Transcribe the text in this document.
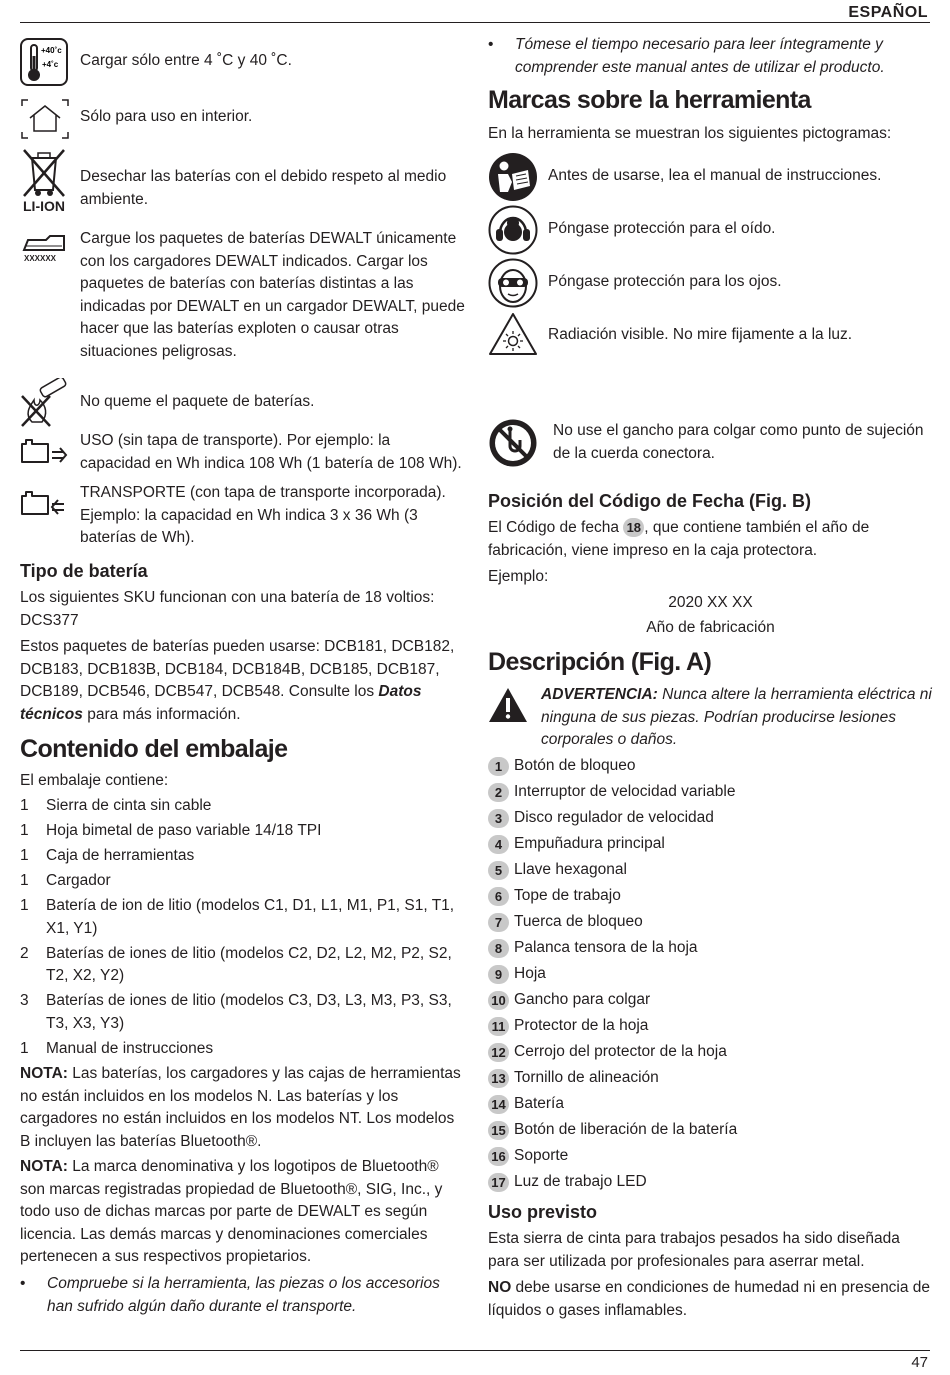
ESPAÑOL
47
+40˚c
+4˚c Cargar sólo entre 4 ˚C y 40 ˚C.
Sólo para uso en interior.
LI-ION
Desechar las baterías con el debido respeto al medio ambiente.
XXXXXX
Cargue los paquetes de baterías DEWALT únicamente con los cargadores DEWALT indicados. Cargar los paquetes de baterías con baterías distintas a las indicadas por DEWALT en un cargador DEWALT, puede hacer que las baterías exploten o causar otras situaciones peligrosas.
No queme el paquete de baterías.
USO (sin tapa de transporte). Por ejemplo: la capacidad en Wh indica 108 Wh (1 batería de 108 Wh).
TRANSPORTE (con tapa de transporte incorporada). Ejemplo: la capacidad en Wh indica 3 x 36 Wh (3 baterías de Wh).
Tipo de batería

Los siguientes SKU funcionan con una batería de 18 voltios: DCS377

Estos paquetes de baterías pueden usarse: DCB181, DCB182, DCB183, DCB183B, DCB184, DCB184B, DCB185, DCB187, DCB189, DCB546, DCB547, DCB548. Consulte los Datos técnicos para más información.

Contenido del embalaje

El embalaje contiene:

1	Sierra de cinta sin cable
1	Hoja bimetal de paso variable 14/18 TPI
1	Caja de herramientas
1	Cargador
1	Batería de ion de litio (modelos C1, D1, L1, M1, P1, S1, T1, X1, Y1)
2	Baterías de iones de litio (modelos C2, D2, L2, M2, P2, S2, T2, X2, Y2)
3	Baterías de iones de litio (modelos C3, D3, L3, M3, P3, S3, T3, X3, Y3)
1	Manual de instrucciones

NOTA: Las baterías, los cargadores y las cajas de herramientas no están incluidos en los modelos N. Las baterías y los cargadores no están incluidos en los modelos NT. Los modelos B incluyen las baterías Bluetooth®.

NOTA: La marca denominativa y los logotipos de Bluetooth® son marcas registradas propiedad de Bluetooth®, SIG, Inc., y todo uso de dichas marcas por parte de DEWALT es según licencia. Las demás marcas y denominaciones comerciales pertenecen a sus respectivos propietarios.

•	Compruebe si la herramienta, las piezas o los accesorios han sufrido algún daño durante el transporte.
•	Tómese el tiempo necesario para leer íntegramente y comprender este manual antes de utilizar el producto.
Marcas sobre la herramienta

En la herramienta se muestran los siguientes pictogramas:

Antes de usarse, lea el manual de instrucciones.
Póngase protección para el oído.
Póngase protección para los ojos.
Radiación visible. No mire fijamente a la luz.
No use el gancho para colgar como punto de sujeción de la cuerda conectora.
Posición del Código de Fecha (Fig. B)

El Código de fecha 18 , que contiene también el año de fabricación, viene impreso en la caja protectora.

Ejemplo:

2020 XX XX

Año de fabricación

Descripción (Fig. A)

ADVERTENCIA: Nunca altere la herramienta eléctrica ni ninguna de sus piezas. Podrían producirse lesiones corporales o daños.

1 Botón de bloqueo
2 Interruptor de velocidad variable
3 Disco regulador de velocidad
4 Empuñadura principal
5 Llave hexagonal
6 Tope de trabajo
7 Tuerca de bloqueo
8 Palanca tensora de la hoja
9 Hoja
10 Gancho para colgar
11 Protector de la hoja
12 Cerrojo del protector de la hoja
13 Tornillo de alineación
14 Batería
15 Botón de liberación de la batería
16 Soporte
17 Luz de trabajo LED
Uso previsto

Esta sierra de cinta para trabajos pesados ha sido diseñada para ser utilizada por profesionales para aserrar metal.

NO debe usarse en condiciones de humedad ni en presencia de líquidos o gases inflamables.
